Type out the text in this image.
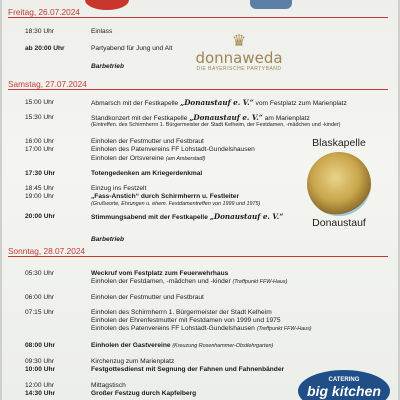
Freitag, 26.07.2024
18:30 Uhr	Einlass
ab 20:00 Uhr	Partyabend für Jung und Alt
Barbetrieb
♛
donnaweda
DIE BAYERISCHE PARTYBAND
Samstag, 27.07.2024
15:00 Uhr	Abmarsch mit der Festkapelle „Donaustauf e. V.“ vom Festplatz zum Marienplatz
15:30 Uhr	Standkonzert mit der Festkapelle „Donaustauf e. V.“ am Marienplatz
(Eintreffen. des Schirmherrn 1. Bürgermeister der Stadt Kelheim, der Festdamen, -mädchen und -kinder)
16:00 Uhr	Einholen der Festmutter und Festbraut
17:00 Uhr	Einholen des Patenvereins FF Lohstadt-Gundelshausen
Einholen der Ortsvereine (am Amberstadl)
17:30 Uhr	Totengedenken am Kriegerdenkmal
18:45 Uhr	Einzug ins Festzelt
19:00 Uhr	„Fass-Anstich“ durch Schirmherrn u. Festleiter
(Grußworte, Ehrungen u. ehem. Festdamentreffen von 1999 und 1975)
20:00 Uhr	Stimmungsabend mit der Festkapelle „Donaustauf e. V.“
Barbetrieb
Blaskapelle
Donaustauf
Sonntag, 28.07.2024
05:30 Uhr	Weckruf vom Festplatz zum Feuerwehrhaus
Einholen der Festdamen, -mädchen und -kinder (Treffpunkt FFW-Haus)
06:00 Uhr	Einholen der Festmutter und Festbraut
07:15 Uhr	Einholen des Schirmherrn 1. Bürgermeister der Stadt Kelheim
Einholen der Ehrenfestmutter mit Festdamen von 1999 und 1975
Einholen des Patenvereins FF Lohstadt-Gundelshausen (Treffpunkt FFW-Haus)
08:00 Uhr	Einholen der Gastvereine (Kreuzung Rosenhammer-Obstlehrgarten)
09:30 Uhr	Kirchenzug zum Marienplatz
10:00 Uhr	Festgottesdienst mit Segnung der Fahnen und Fahnenbänder
12:00 Uhr	Mittagstisch
14:30 Uhr	Großer Festzug durch Kapfelberg
CATERING
big kitchen
